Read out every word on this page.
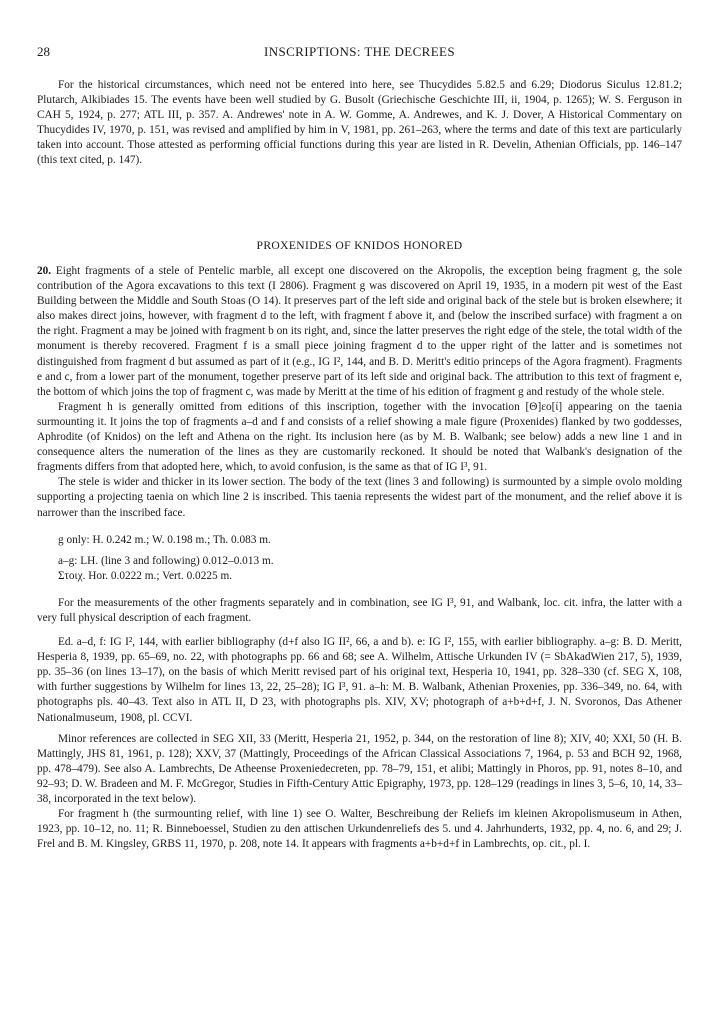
28	INSCRIPTIONS: THE DECREES

For the historical circumstances, which need not be entered into here, see Thucydides 5.82.5 and 6.29; Diodorus Siculus 12.81.2; Plutarch, Alkibiades 15. The events have been well studied by G. Busolt (Griechische Geschichte III, ii, 1904, p. 1265); W. S. Ferguson in CAH 5, 1924, p. 277; ATL III, p. 357. A. Andrewes' note in A. W. Gomme, A. Andrewes, and K. J. Dover, A Historical Commentary on Thucydides IV, 1970, p. 151, was revised and amplified by him in V, 1981, pp. 261–263, where the terms and date of this text are particularly taken into account. Those attested as performing official functions during this year are listed in R. Develin, Athenian Officials, pp. 146–147 (this text cited, p. 147).

PROXENIDES OF KNIDOS HONORED

20. Eight fragments of a stele of Pentelic marble, all except one discovered on the Akropolis, the exception being fragment g, the sole contribution of the Agora excavations to this text (I 2806). Fragment g was discovered on April 19, 1935, in a modern pit west of the East Building between the Middle and South Stoas (O 14). It preserves part of the left side and original back of the stele but is broken elsewhere; it also makes direct joins, however, with fragment d to the left, with fragment f above it, and (below the inscribed surface) with fragment a on the right. Fragment a may be joined with fragment b on its right, and, since the latter preserves the right edge of the stele, the total width of the monument is thereby recovered. Fragment f is a small piece joining fragment d to the upper right of the latter and is sometimes not distinguished from fragment d but assumed as part of it (e.g., IG I², 144, and B. D. Meritt's editio princeps of the Agora fragment). Fragments e and c, from a lower part of the monument, together preserve part of its left side and original back. The attribution to this text of fragment e, the bottom of which joins the top of fragment c, was made by Meritt at the time of his edition of fragment g and restudy of the whole stele.

Fragment h is generally omitted from editions of this inscription, together with the invocation [Θ]εο[ί] appearing on the taenia surmounting it. It joins the top of fragments a–d and f and consists of a relief showing a male figure (Proxenides) flanked by two goddesses, Aphrodite (of Knidos) on the left and Athena on the right. Its inclusion here (as by M. B. Walbank; see below) adds a new line 1 and in consequence alters the numeration of the lines as they are customarily reckoned. It should be noted that Walbank's designation of the fragments differs from that adopted here, which, to avoid confusion, is the same as that of IG I³, 91.

The stele is wider and thicker in its lower section. The body of the text (lines 3 and following) is surmounted by a simple ovolo molding supporting a projecting taenia on which line 2 is inscribed. This taenia represents the widest part of the monument, and the relief above it is narrower than the inscribed face.

g only: H. 0.242 m.; W. 0.198 m.; Th. 0.083 m.

a–g: LH. (line 3 and following) 0.012–0.013 m.

Στοιχ. Hor. 0.0222 m.; Vert. 0.0225 m.

For the measurements of the other fragments separately and in combination, see IG I³, 91, and Walbank, loc. cit. infra, the latter with a very full physical description of each fragment.

Ed. a–d, f: IG I², 144, with earlier bibliography (d+f also IG II², 66, a and b). e: IG I², 155, with earlier bibliography. a–g: B. D. Meritt, Hesperia 8, 1939, pp. 65–69, no. 22, with photographs pp. 66 and 68; see A. Wilhelm, Attische Urkunden IV (= SbAkadWien 217, 5), 1939, pp. 35–36 (on lines 13–17), on the basis of which Meritt revised part of his original text, Hesperia 10, 1941, pp. 328–330 (cf. SEG X, 108, with further suggestions by Wilhelm for lines 13, 22, 25–28); IG I³, 91. a–h: M. B. Walbank, Athenian Proxenies, pp. 336–349, no. 64, with photographs pls. 40–43. Text also in ATL II, D 23, with photographs pls. XIV, XV; photograph of a+b+d+f, J. N. Svoronos, Das Athener Nationalmuseum, 1908, pl. CCVI.

Minor references are collected in SEG XII, 33 (Meritt, Hesperia 21, 1952, p. 344, on the restoration of line 8); XIV, 40; XXI, 50 (H. B. Mattingly, JHS 81, 1961, p. 128); XXV, 37 (Mattingly, Proceedings of the African Classical Associations 7, 1964, p. 53 and BCH 92, 1968, pp. 478–479). See also A. Lambrechts, De Atheense Proxeniedecreten, pp. 78–79, 151, et alibi; Mattingly in Phoros, pp. 91, notes 8–10, and 92–93; D. W. Bradeen and M. F. McGregor, Studies in Fifth-Century Attic Epigraphy, 1973, pp. 128–129 (readings in lines 3, 5–6, 10, 14, 33–38, incorporated in the text below).

For fragment h (the surmounting relief, with line 1) see O. Walter, Beschreibung der Reliefs im kleinen Akropolismuseum in Athen, 1923, pp. 10–12, no. 11; R. Binneboessel, Studien zu den attischen Urkundenreliefs des 5. und 4. Jahrhunderts, 1932, pp. 4, no. 6, and 29; J. Frel and B. M. Kingsley, GRBS 11, 1970, p. 208, note 14. It appears with fragments a+b+d+f in Lambrechts, op. cit., pl. I.
